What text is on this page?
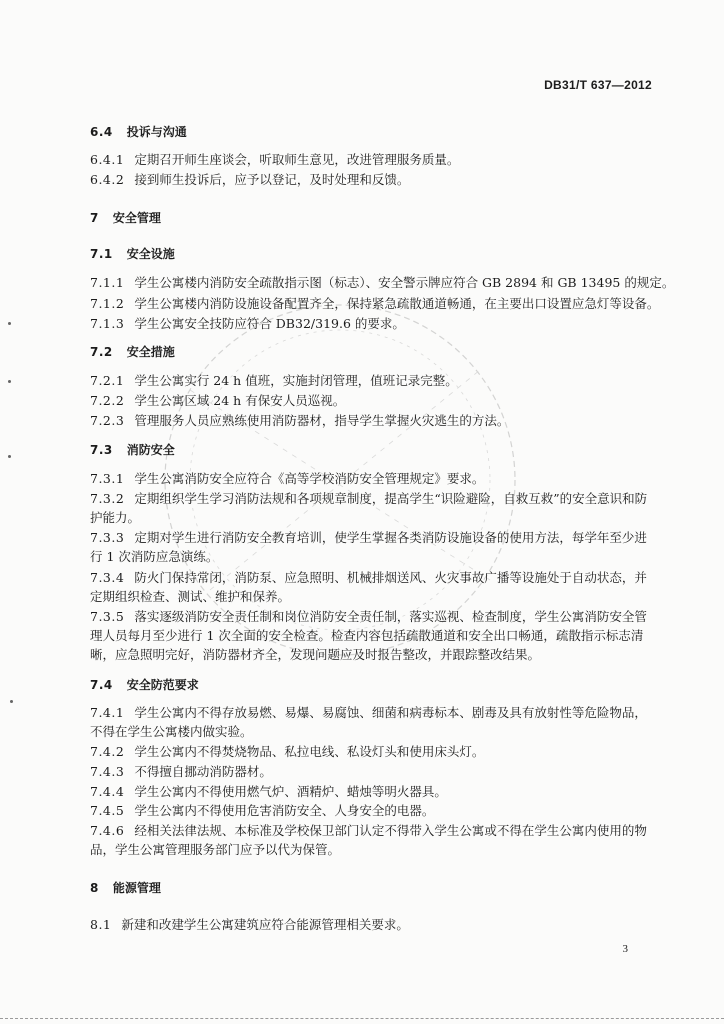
DB31/T 637—2012
6.4 投诉与沟通
6.4.1 定期召开师生座谈会，听取师生意见，改进管理服务质量。
6.4.2 接到师生投诉后，应予以登记，及时处理和反馈。
7 安全管理
7.1 安全设施
7.1.1 学生公寓楼内消防安全疏散指示图（标志）、安全警示牌应符合 GB 2894 和 GB 13495 的规定。
7.1.2 学生公寓楼内消防设施设备配置齐全，保持紧急疏散通道畅通，在主要出口设置应急灯等设备。
7.1.3 学生公寓安全技防应符合 DB32/319.6 的要求。
7.2 安全措施
7.2.1 学生公寓实行 24 h 值班，实施封闭管理，值班记录完整。
7.2.2 学生公寓区域 24 h 有保安人员巡视。
7.2.3 管理服务人员应熟练使用消防器材，指导学生掌握火灾逃生的方法。
7.3 消防安全
7.3.1 学生公寓消防安全应符合《高等学校消防安全管理规定》要求。
7.3.2 定期组织学生学习消防法规和各项规章制度，提高学生“识险避险，自救互救”的安全意识和防护能力。
7.3.3 定期对学生进行消防安全教育培训，使学生掌握各类消防设施设备的使用方法，每学年至少进行 1 次消防应急演练。
7.3.4 防火门保持常闭，消防泵、应急照明、机械排烟送风、火灾事故广播等设施处于自动状态，并定期组织检查、测试、维护和保养。
7.3.5 落实逐级消防安全责任制和岗位消防安全责任制，落实巡视、检查制度，学生公寓消防安全管理人员每月至少进行 1 次全面的安全检查。检查内容包括疏散通道和安全出口畅通，疏散指示标志清晰，应急照明完好，消防器材齐全，发现问题应及时报告整改，并跟踪整改结果。
7.4 安全防范要求
7.4.1 学生公寓内不得存放易燃、易爆、易腐蚀、细菌和病毒标本、剧毒及具有放射性等危险物品，不得在学生公寓楼内做实验。
7.4.2 学生公寓内不得焚烧物品、私拉电线、私设灯头和使用床头灯。
7.4.3 不得擅自挪动消防器材。
7.4.4 学生公寓内不得使用燃气炉、酒精炉、蜡烛等明火器具。
7.4.5 学生公寓内不得使用危害消防安全、人身安全的电器。
7.4.6 经相关法律法规、本标准及学校保卫部门认定不得带入学生公寓或不得在学生公寓内使用的物品，学生公寓管理服务部门应予以代为保管。
8 能源管理
8.1 新建和改建学生公寓建筑应符合能源管理相关要求。
3
